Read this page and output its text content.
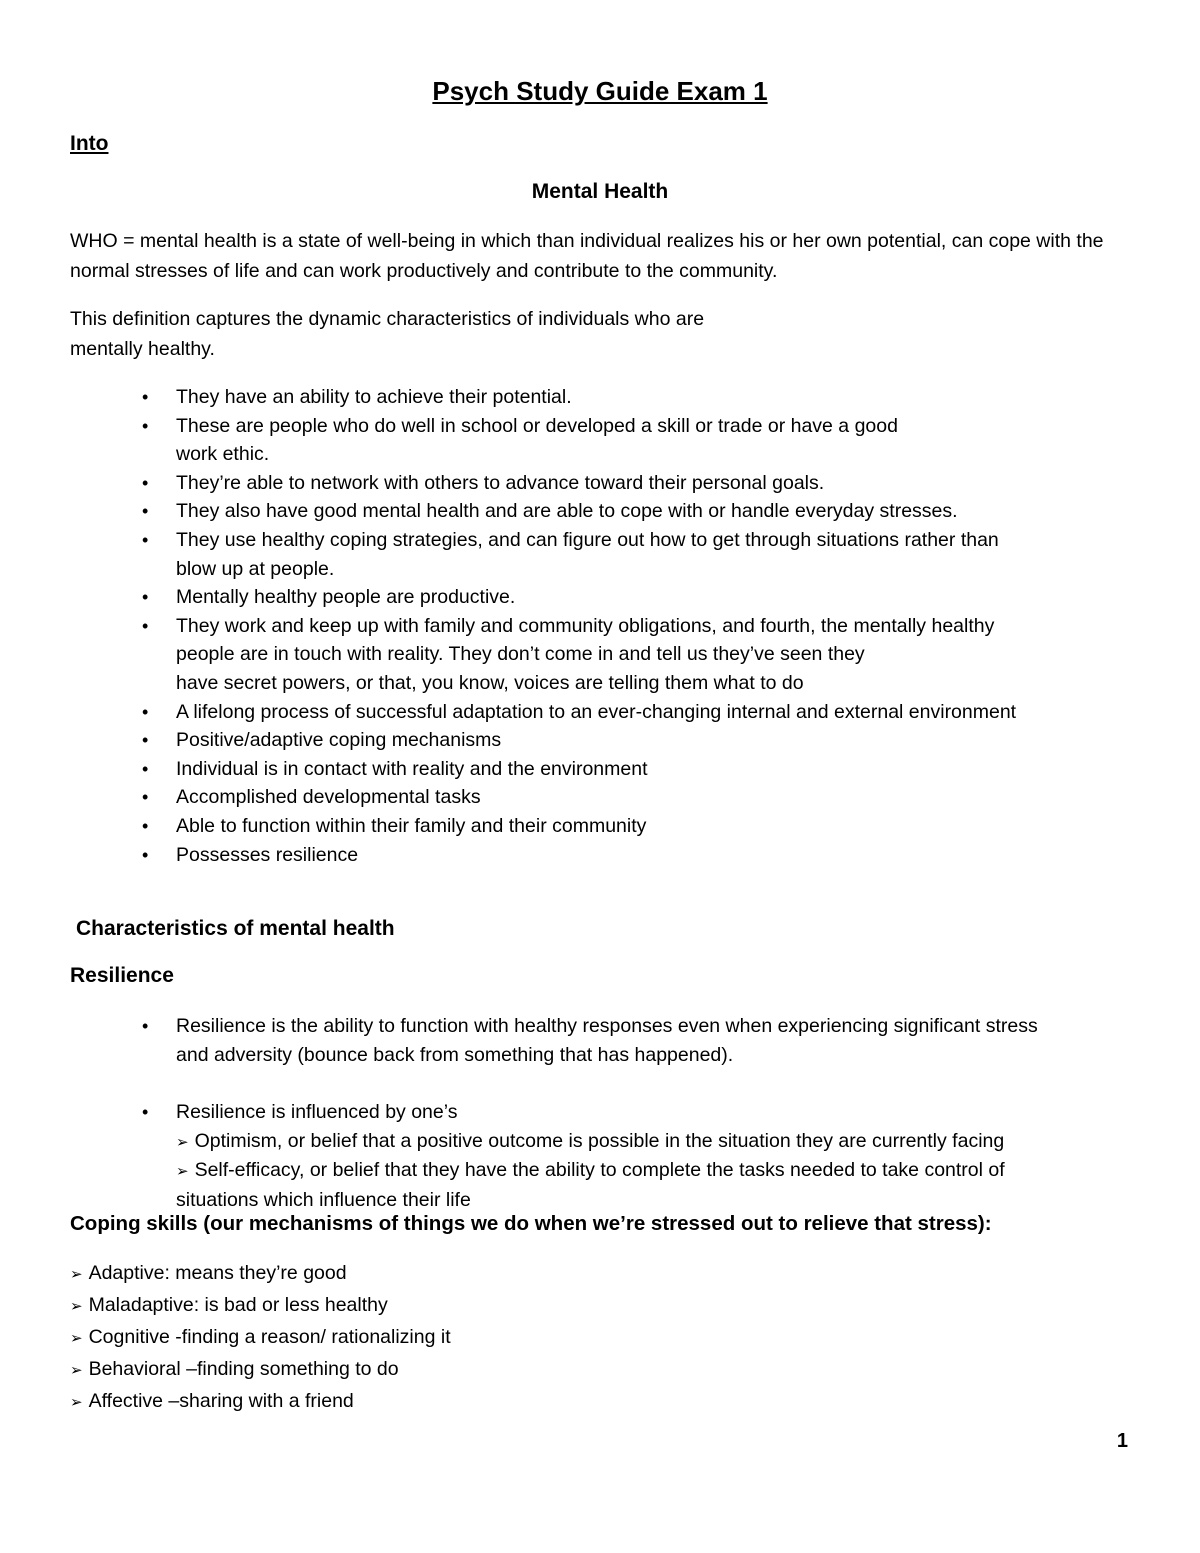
Psych Study Guide Exam 1
Into
Mental Health

WHO = mental health is a state of well-being in which than individual realizes his or her own potential, can cope with the normal stresses of life and can work productively and contribute to the community.

This definition captures the dynamic characteristics of individuals who are
mentally healthy.

• They have an ability to achieve their potential.
• These are people who do well in school or developed a skill or trade or have a good
work ethic.
• They’re able to network with others to advance toward their personal goals.
• They also have good mental health and are able to cope with or handle everyday stresses.
• They use healthy coping strategies, and can figure out how to get through situations rather than
blow up at people.
• Mentally healthy people are productive.
• They work and keep up with family and community obligations, and fourth, the mentally healthy
people are in touch with reality. They don’t come in and tell us they’ve seen they
have secret powers, or that, you know, voices are telling them what to do
• A lifelong process of successful adaptation to an ever-changing internal and external environment
• Positive/adaptive coping mechanisms
• Individual is in contact with reality and the environment
• Accomplished developmental tasks
• Able to function within their family and their community
• Possesses resilience
Characteristics of mental health
Resilience
• Resilience is the ability to function with healthy responses even when experiencing significant stress
and adversity (bounce back from something that has happened).
• Resilience is influenced by one’s
➢ Optimism, or belief that a positive outcome is possible in the situation they are currently facing
➢ Self-efficacy, or belief that they have the ability to complete the tasks needed to take control of
situations which influence their life
Coping skills (our mechanisms of things we do when we’re stressed out to relieve that stress):
➢ Adaptive: means they’re good
➢ Maladaptive: is bad or less healthy
➢ Cognitive -finding a reason/ rationalizing it
➢ Behavioral –finding something to do
➢ Affective –sharing with a friend

1
